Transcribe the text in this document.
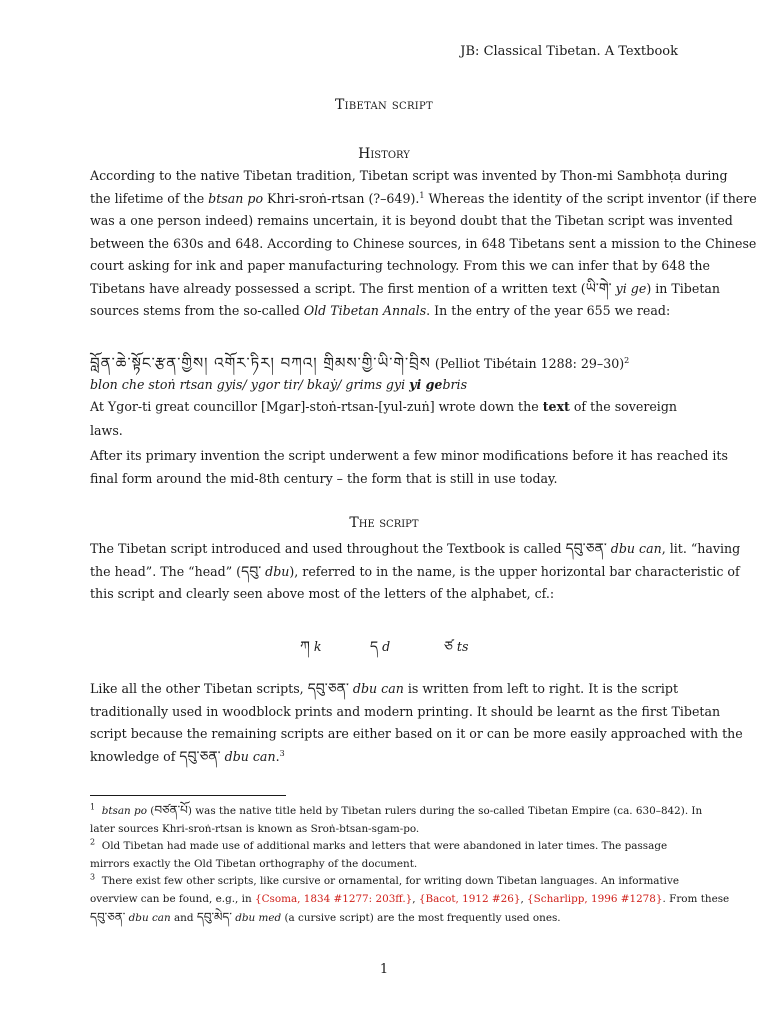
JB: Classical Tibetan. A Textbook
Tibetan script
History
According to the native Tibetan tradition, Tibetan script was invented by Thon-mi Sambhoṭa during
the lifetime of the btsan po Khri-sroṅ-rtsan (?–649).$^1$ Whereas the identity of the script inventor (if there
was a one person indeed) remains uncertain, it is beyond doubt that the Tibetan script was invented
between the 630s and 648. According to Chinese sources, in 648 Tibetans sent a mission to the Chinese
court asking for ink and paper manufacturing technology. From this we can infer that by 648 the
Tibetans have already possessed a script. The first mention of a written text (ཡི་གེ་ yi ge) in Tibetan
sources stems from the so-called Old Tibetan Annals. In the entry of the year 655 we read:
བློན་ཆེ་སྟོང་རྩན་གྱིས། འགོར་ཏིར། བཀའ། གྲིམས་གྱི་ཡི་གེ་བྲིས (Pelliot Tibétain 1288: 29–30)$^2$
blon che stoṅ rtsan gyis/ ygor tir/ bkaẏ/ grims gyi yi gebris
At Ygor-ti great councillor [Mgar]-stoṅ-rtsan-[yul-zuṅ] wrote down the text of the sovereign laws.
After its primary invention the script underwent a few minor modifications before it has reached its
final form around the mid-8th century – the form that is still in use today.
The script
The Tibetan script introduced and used throughout the Textbook is called དབུ་ཅན་ dbu can, lit. “having
the head”. The “head” (དབུ་ dbu), referred to in the name, is the upper horizontal bar characteristic of
this script and clearly seen above most of the letters of the alphabet, cf.:
ཀ k	ད d	ཙ ts
Like all the other Tibetan scripts, དབུ་ཅན་ dbu can is written from left to right. It is the script
traditionally used in woodblock prints and modern printing. It should be learnt as the first Tibetan
script because the remaining scripts are either based on it or can be more easily approached with the
knowledge of དབུ་ཅན་ dbu can.$^3$
$^1$ btsan po (བཙན་པོ) was the native title held by Tibetan rulers during the so-called Tibetan Empire (ca. 630–842). In
later sources Khri-sroṅ-rtsan is known as Sroṅ-btsan-sgam-po.
$^2$ Old Tibetan had made use of additional marks and letters that were abandoned in later times. The passage
mirrors exactly the Old Tibetan orthography of the document.
$^3$ There exist few other scripts, like cursive or ornamental, for writing down Tibetan languages. An informative
overview can be found, e.g., in {Csoma, 1834 #1277: 203ff.}, {Bacot, 1912 #26}, {Scharlipp, 1996 #1278}. From these
དབུ་ཅན་ dbu can and དབུ་མེད་ dbu med (a cursive script) are the most frequently used ones.
1
